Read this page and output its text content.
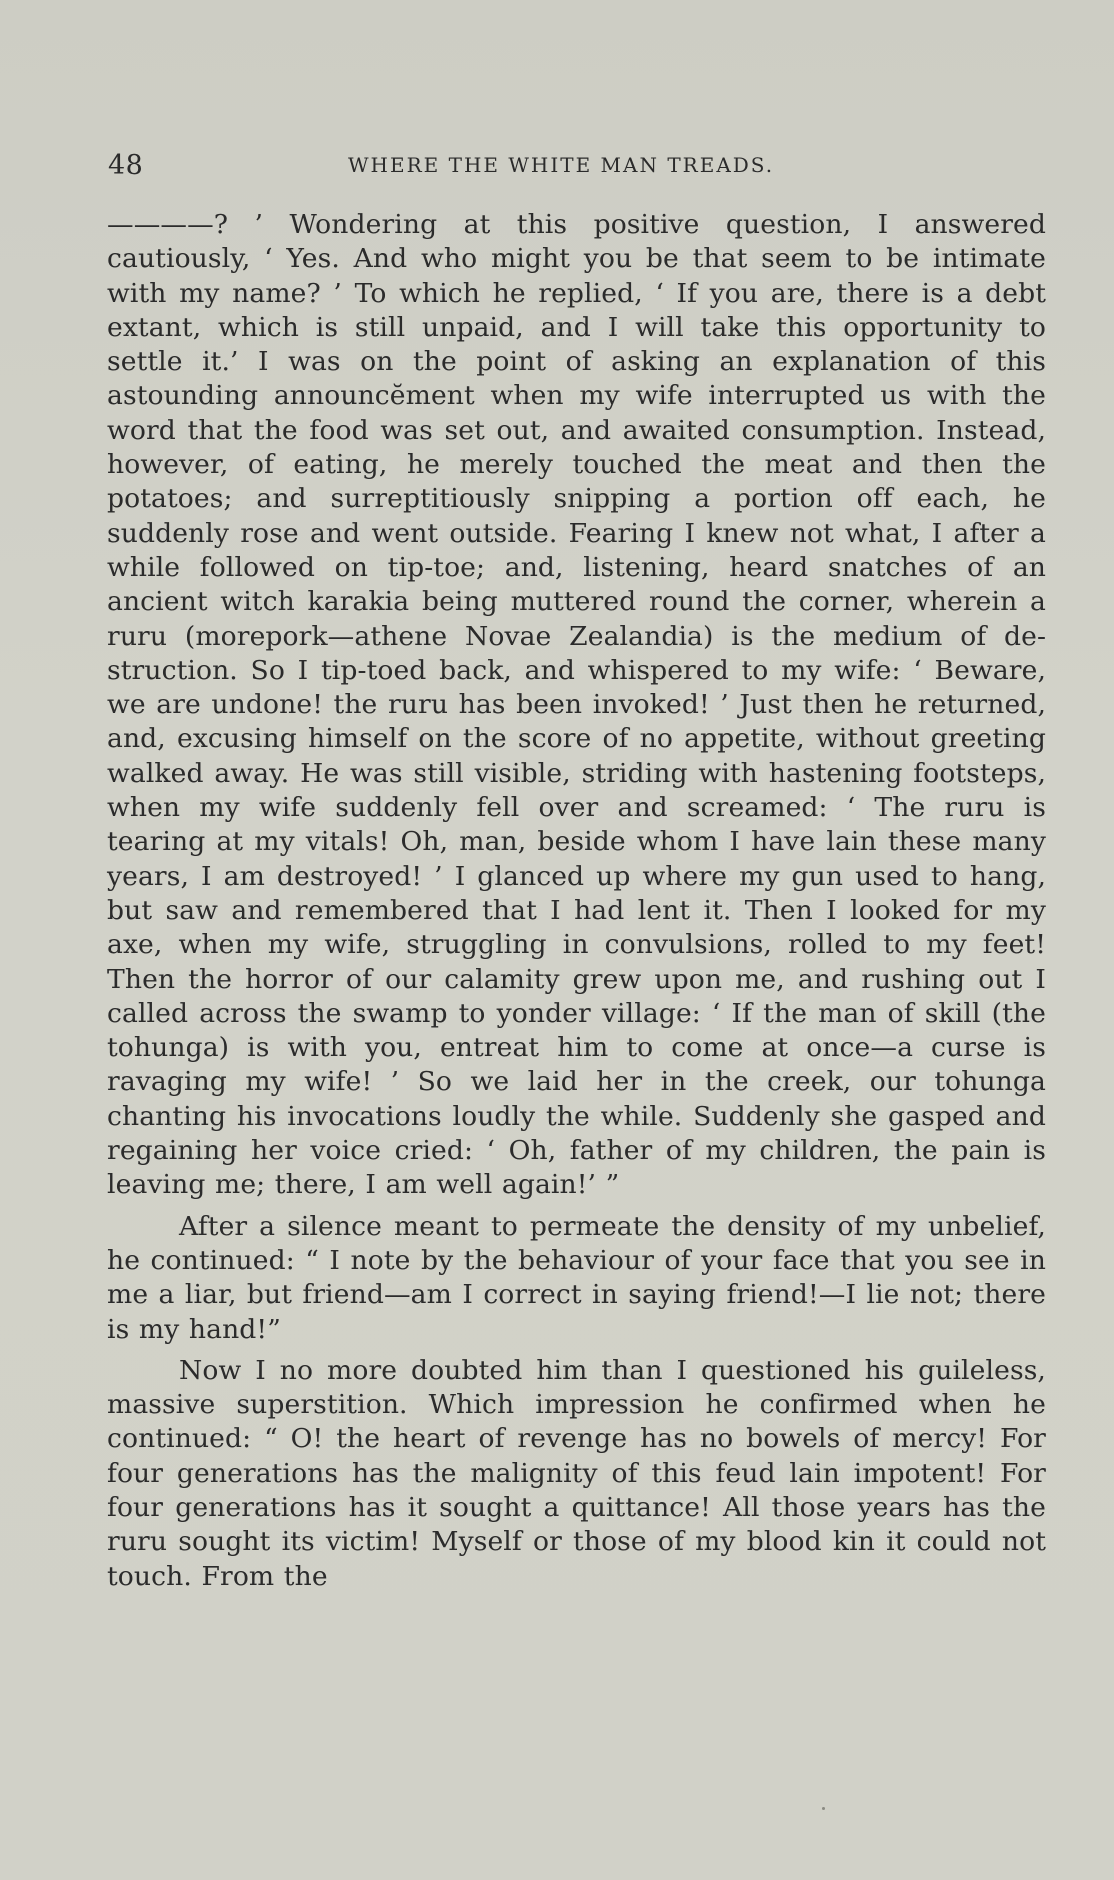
48	WHERE THE WHITE MAN TREADS.

————? ’ Wondering at this positive question, I answered cautiously, ‘ Yes. And who might you be that seem to be intimate with my name? ’ To which he replied, ‘ If you are, there is a debt extant, which is still unpaid, and I will take this opportunity to settle it.’ I was on the point of asking an explanation of this astounding announcĕment when my wife interrupted us with the word that the food was set out, and awaited consumption. Instead, however, of eating, he merely touched the meat and then the potatoes; and surreptitiously snipping a portion off each, he suddenly rose and went outside. Fearing I knew not what, I after a while followed on tip-toe; and, listening, heard snatches of an ancient witch karakia being muttered round the corner, wherein a ruru (morepork—athene Novae Zealandia) is the medium of destruction. So I tip-toed back, and whispered to my wife: ‘ Beware, we are undone! the ruru has been invoked! ’ Just then he returned, and, excusing himself on the score of no appetite, without greeting walked away. He was still visible, striding with hastening footsteps, when my wife suddenly fell over and screamed: ‘ The ruru is tearing at my vitals! Oh, man, beside whom I have lain these many years, I am destroyed! ’ I glanced up where my gun used to hang, but saw and remembered that I had lent it. Then I looked for my axe, when my wife, struggling in convulsions, rolled to my feet! Then the horror of our calamity grew upon me, and rushing out I called across the swamp to yonder village: ‘ If the man of skill (the tohunga) is with you, entreat him to come at once—a curse is ravaging my wife! ’ So we laid her in the creek, our tohunga chanting his invocations loudly the while. Suddenly she gasped and regaining her voice cried: ‘ Oh, father of my children, the pain is leaving me; there, I am well again!’ ”

After a silence meant to permeate the density of my unbelief, he continued: “ I note by the behaviour of your face that you see in me a liar, but friend—am I correct in saying friend!—I lie not; there is my hand!”

Now I no more doubted him than I questioned his guileless, massive superstition. Which impression he confirmed when he continued: “ O! the heart of revenge has no bowels of mercy! For four generations has the malignity of this feud lain impotent! For four generations has it sought a quittance! All those years has the ruru sought its victim! Myself or those of my blood kin it could not touch. From the
